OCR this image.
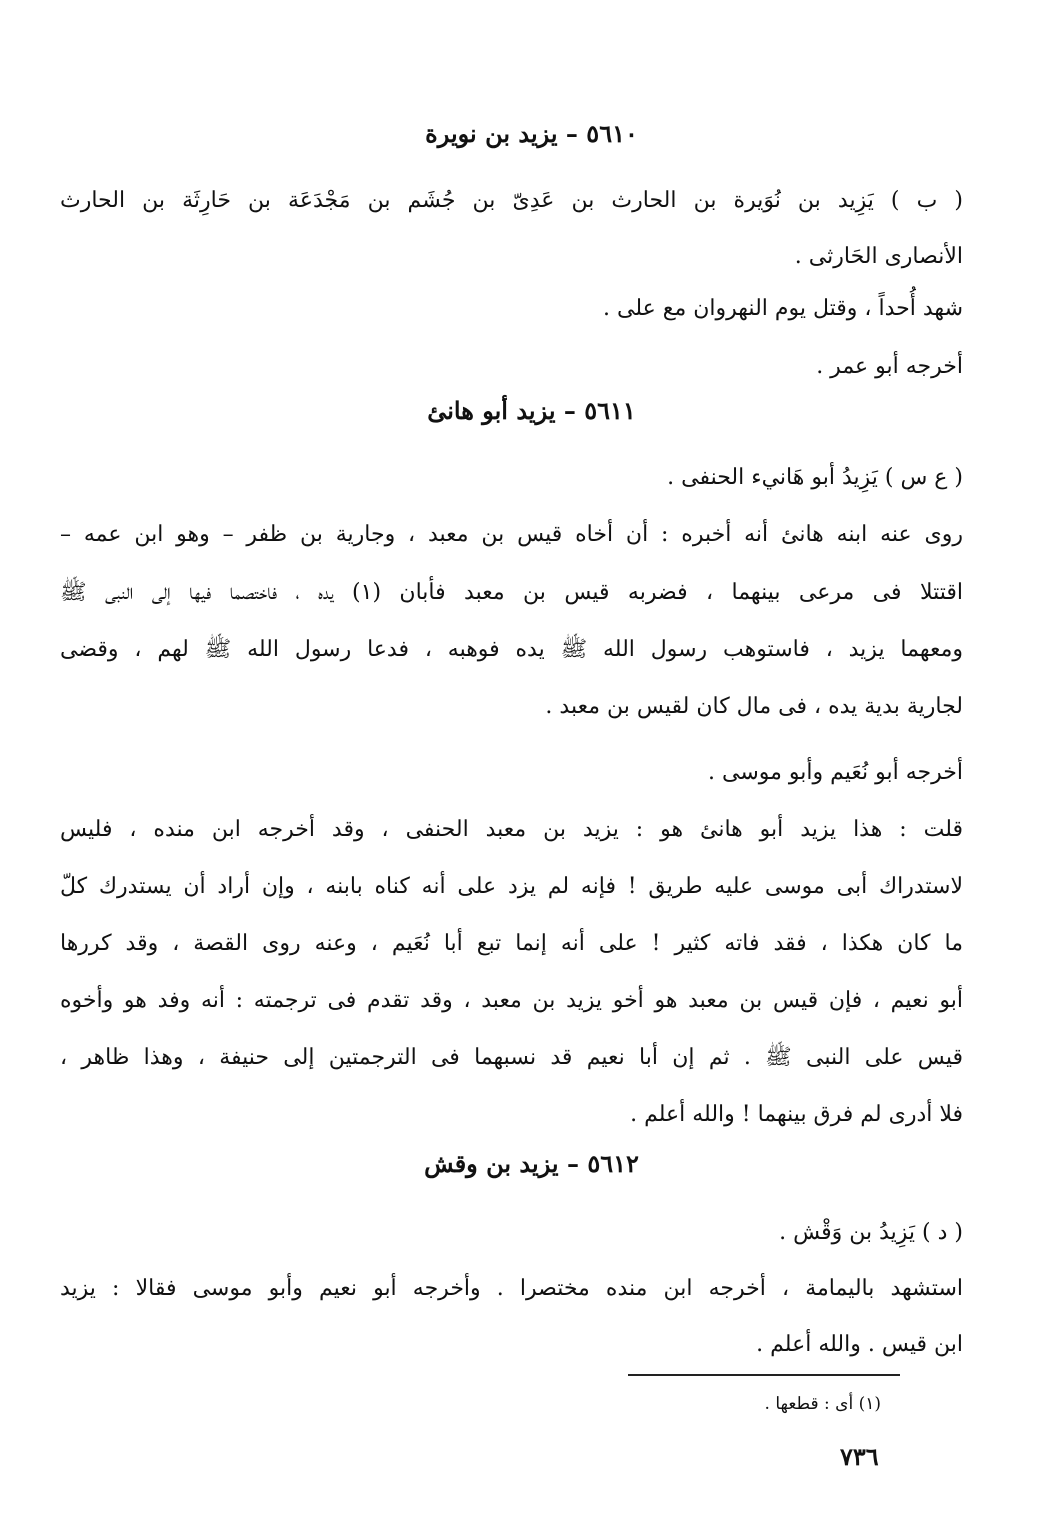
٥٦١٠ – يزيد بن نويرة
( ب ) يَزِيد بن نُوَيرة بن الحارث بن عَدِىّ بن جُشَم بن مَجْدَعَة بن حَارِثَة بن الحارث
الأنصارى الحَارثى .
شهد أُحداً ، وقتل يوم النهروان مع على .
أخرجه أبو عمر .
٥٦١١ – يزيد أبو هانئ
( ع س ) يَزِيدُ أبو هَانيء الحنفى .
روى عنه ابنه هانئ أنه أخبره : أن أخاه قيس بن معبد ، وجارية بن ظفر – وهو ابن عمه –
اقتتلا فى مرعى بينهما ، فضربه قيس بن معبد فأبان (١) يده ، فاختصما فيها إلى النبى ﷺ
ومعهما يزيد ، فاستوهب رسول الله ﷺ يده فوهبه ، فدعا رسول الله ﷺ لهم ، وقضى
لجارية بدية يده ، فى مال كان لقيس بن معبد .
أخرجه أبو نُعَيم وأبو موسى .
قلت : هذا يزيد أبو هانئ هو : يزيد بن معبد الحنفى ، وقد أخرجه ابن منده ، فليس
لاستدراك أبى موسى عليه طريق ! فإنه لم يزد على أنه كناه بابنه ، وإن أراد أن يستدرك كلّ
ما كان هكذا ، فقد فاته كثير ! على أنه إنما تبع أبا نُعَيم ، وعنه روى القصة ، وقد كررها
أبو نعيم ، فإن قيس بن معبد هو أخو يزيد بن معبد ، وقد تقدم فى ترجمته : أنه وفد هو وأخوه
قيس على النبى ﷺ . ثم إن أبا نعيم قد نسبهما فى الترجمتين إلى حنيفة ، وهذا ظاهر ،
فلا أدرى لم فرق بينهما ! والله أعلم .
٥٦١٢ – يزيد بن وقش
( د ) يَزِيدُ بن وَقْش .
استشهد باليمامة ، أخرجه ابن منده مختصرا . وأخرجه أبو نعيم وأبو موسى فقالا : يزيد
ابن قيس . والله أعلم .
(١) أى : قطعها .
٧٣٦
